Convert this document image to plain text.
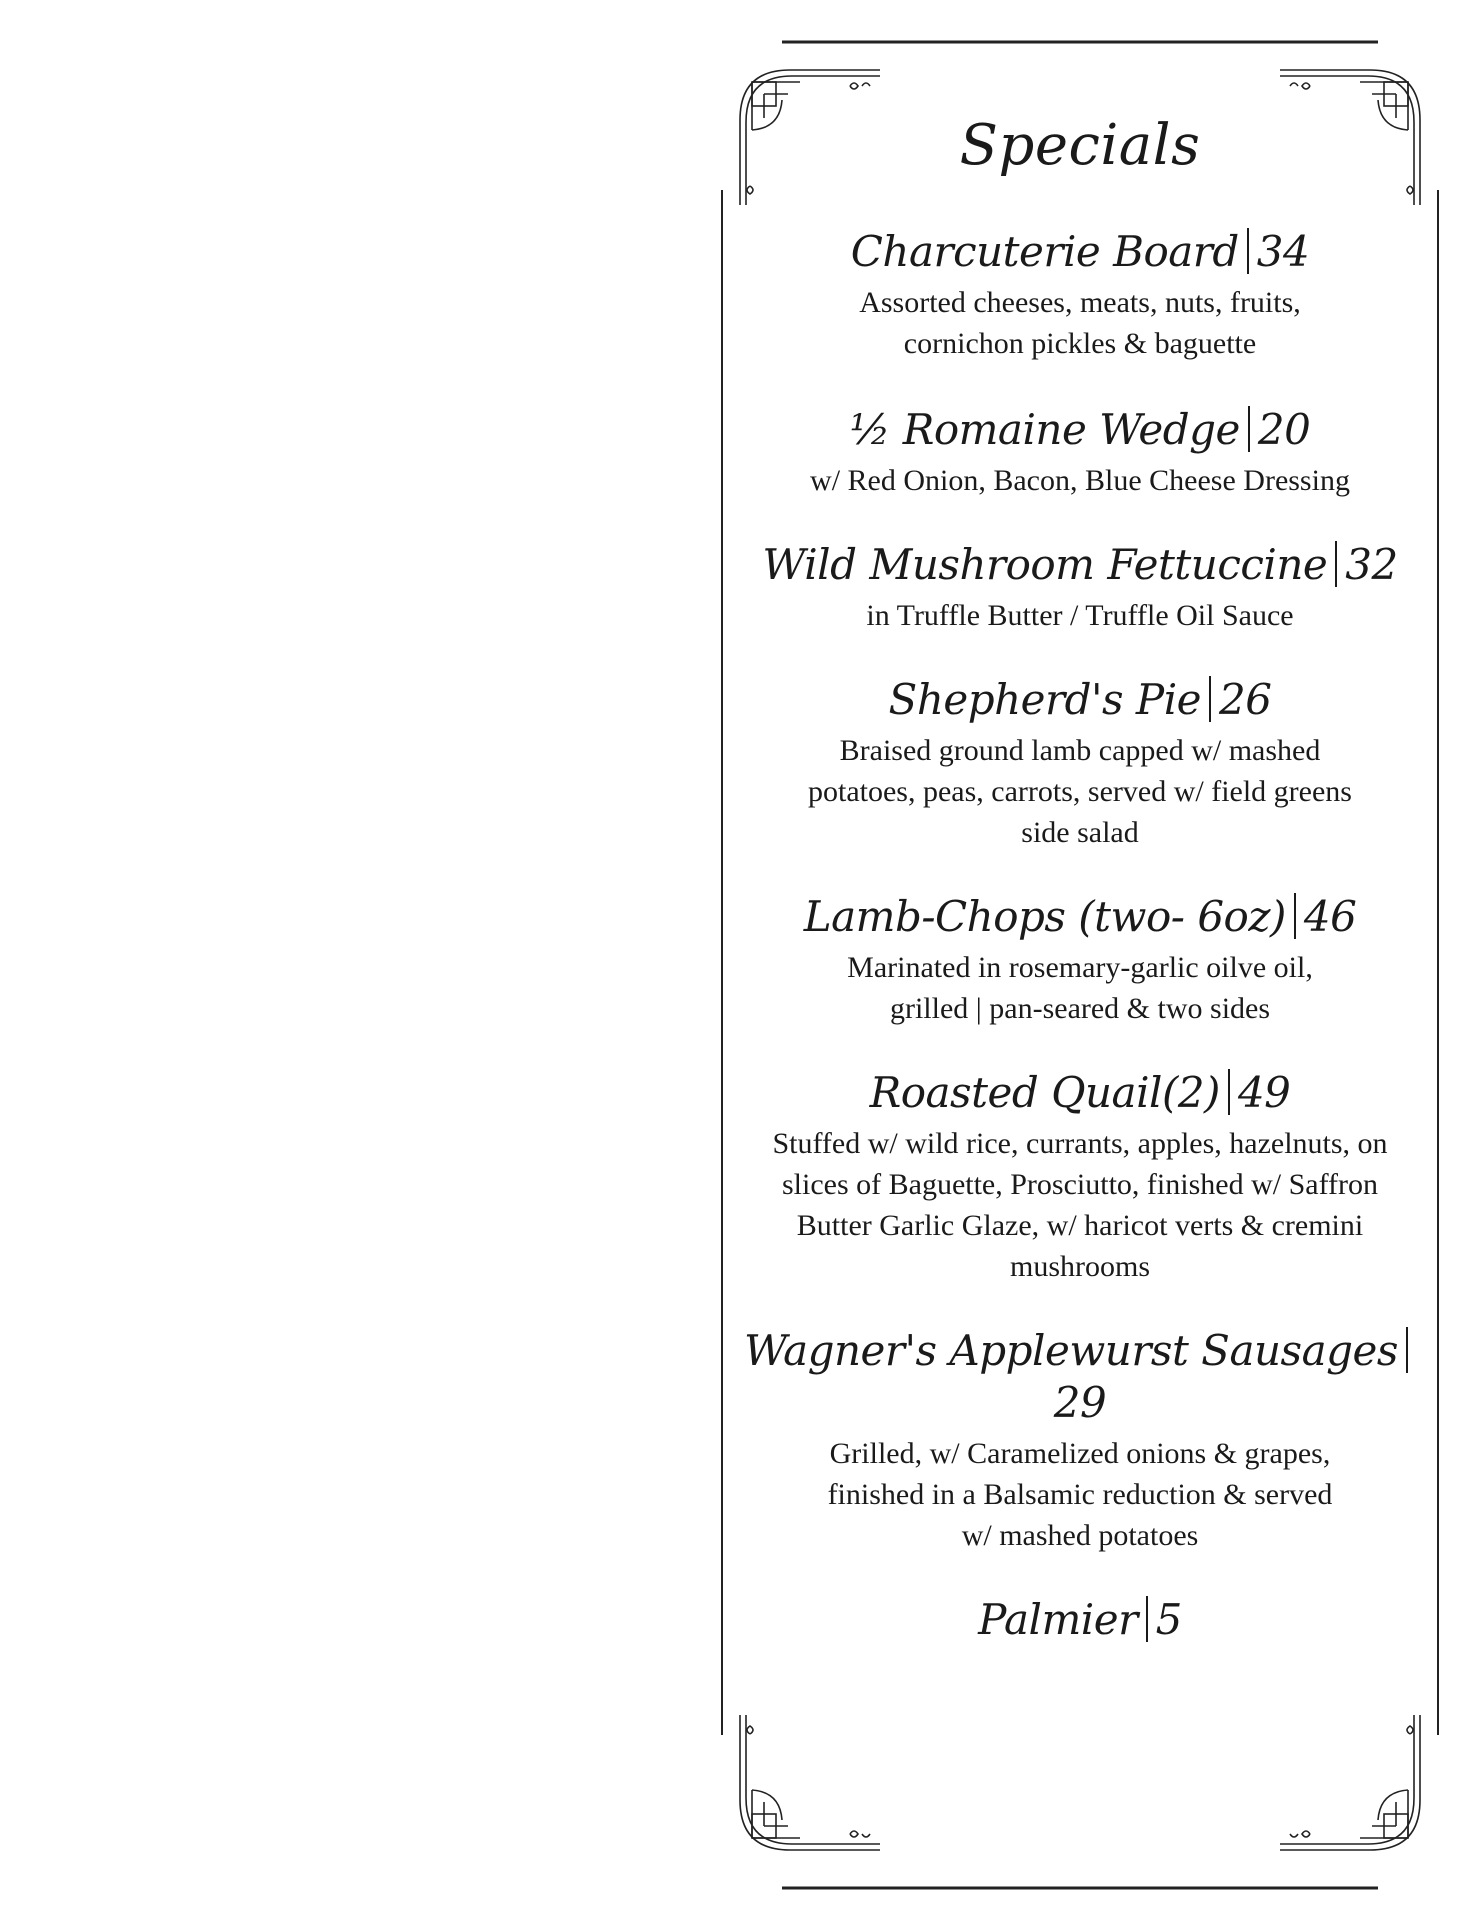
Specials
Charcuterie Board 34
Assorted cheeses, meats, nuts, fruits,
cornichon pickles & baguette
½ Romaine Wedge 20
w/ Red Onion, Bacon, Blue Cheese Dressing
Wild Mushroom Fettuccine 32
in Truffle Butter / Truffle Oil Sauce
Shepherd's Pie 26
Braised ground lamb capped w/ mashed
potatoes, peas, carrots, served w/ field greens
side salad
Lamb-Chops (two- 6oz) 46
Marinated in rosemary-garlic oilve oil,
grilled | pan-seared & two sides
Roasted Quail(2) 49
Stuffed w/ wild rice, currants, apples, hazelnuts, on
slices of Baguette, Prosciutto, finished w/ Saffron
Butter Garlic Glaze, w/ haricot verts & cremini
mushrooms
Wagner's Applewurst Sausages29
Grilled, w/ Caramelized onions & grapes,
finished in a Balsamic reduction & served
w/ mashed potatoes
Palmier 5
